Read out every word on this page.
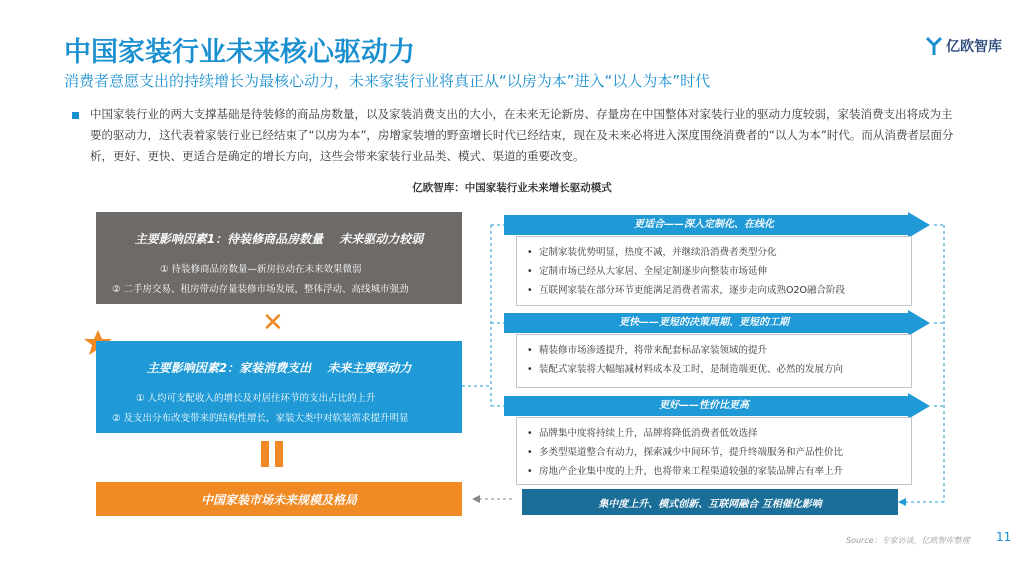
中国家装行业未来核心驱动力
消费者意愿支出的持续增长为最核心动力，未来家装行业将真正从“以房为本”进入“以人为本”时代
亿欧智库
中国家装行业的两大支撑基础是待装修的商品房数量，以及家装消费支出的大小，在未来无论新房、存量房在中国整体对家装行业的驱动力度较弱，家装消费支出将成为主要的驱动力，这代表着家装行业已经结束了“以房为本”，房增家装增的野蛮增长时代已经结束，现在及未来必将进入深度围绕消费者的“以人为本”时代。而从消费者层面分析，更好、更快、更适合是确定的增长方向，这些会带来家装行业品类、模式、渠道的重要改变。
亿欧智库：中国家装行业未来增长驱动模式
主要影响因素1：待装修商品房数量　 未来驱动力较弱
① 待装修商品房数量—新房拉动在未来效果微弱
② 二手房交易、租房带动存量装修市场发展，整体浮动、高线城市强劲
✕
主要影响因素2：家装消费支出　 未来主要驱动力
① 人均可支配收入的增长及对居住环节的支出占比的上升
② 及支出分布改变带来的结构性增长，家装大类中对软装需求提升明显
中国家装市场未来规模及格局
更适合——深入定制化、在线化
• 定制家装优势明显，热度不减，并继续沿消费者类型分化
• 定制市场已经从大家居、全屋定制逐步向整装市场延伸
• 互联网家装在部分环节更能满足消费者需求，逐步走向成熟O2O融合阶段
更快——更短的决策周期、更短的工期
• 精装修市场渗透提升，将带来配套标品家装领域的提升
• 装配式家装将大幅缩减材料成本及工时，是制造端更优、必然的发展方向
更好——性价比更高
• 品牌集中度将持续上升，品牌将降低消费者低效选择
• 多类型渠道整合有动力，探索减少中间环节，提升终端服务和产品性价比
• 房地产企业集中度的上升，也将带来工程渠道较强的家装品牌占有率上升
集中度上升、模式创新、互联网融合 互相催化影响
Source：专家访谈，亿欧智库整理 11
